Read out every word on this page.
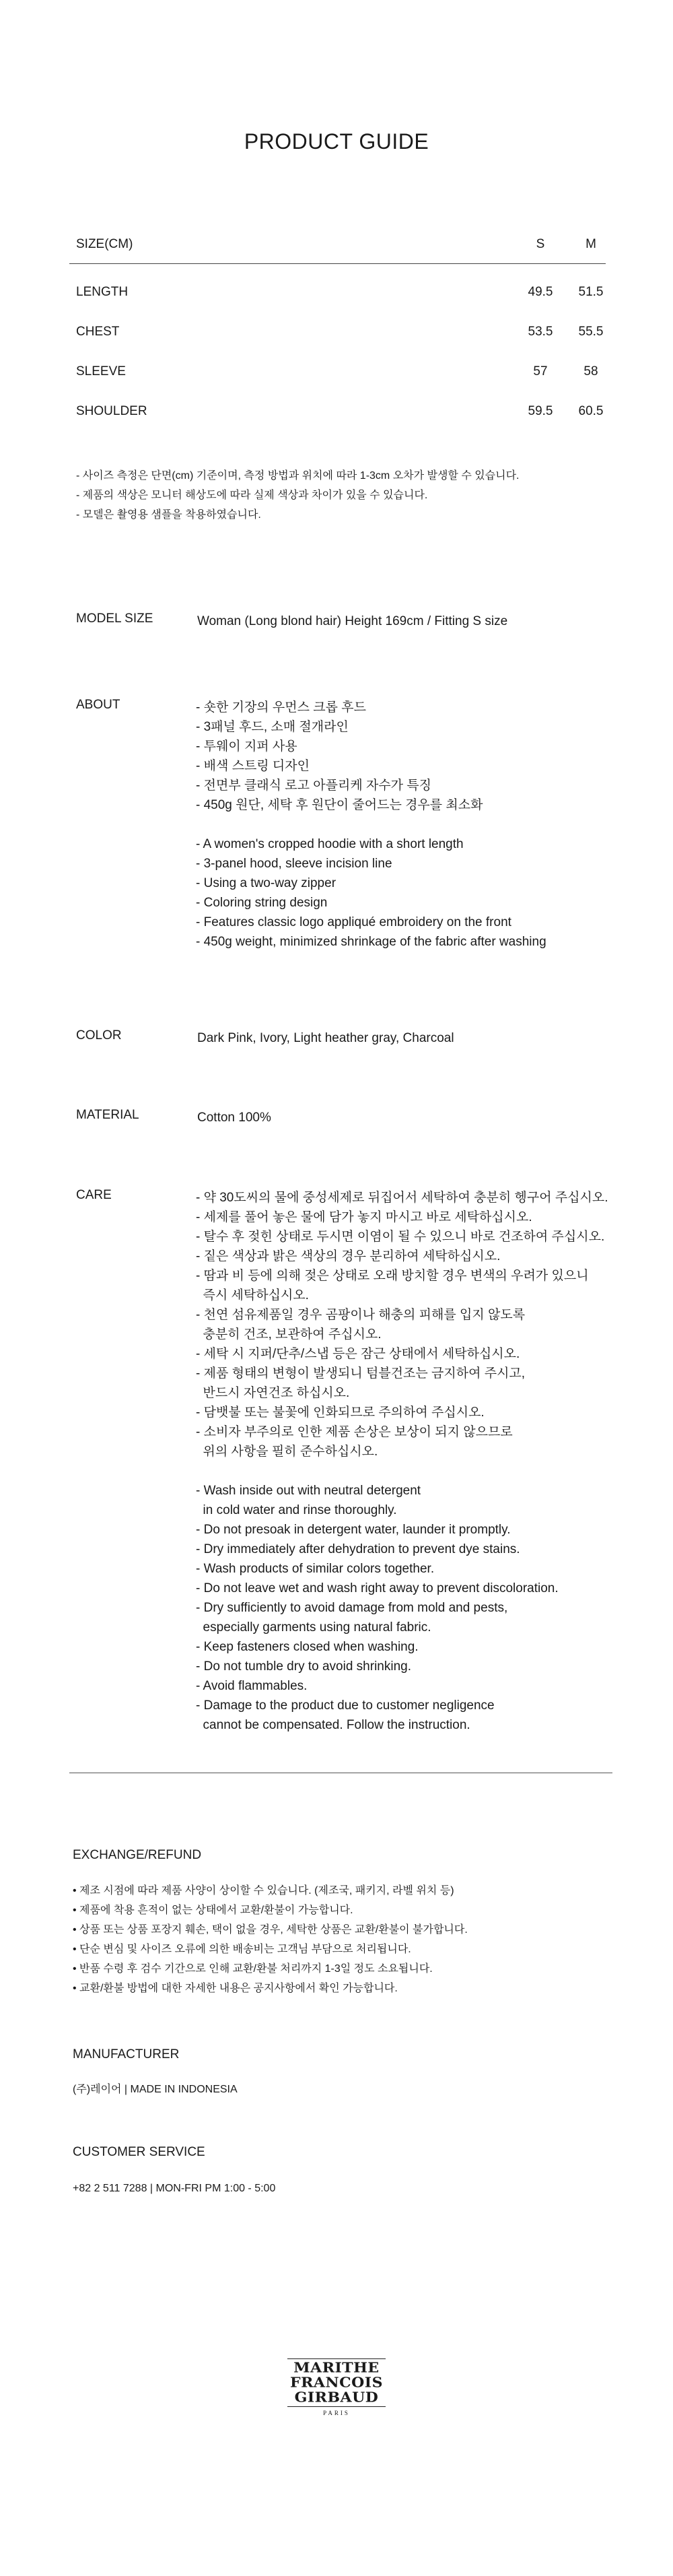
PRODUCT GUIDE
SIZE(CM)	S	M
LENGTH	49.5	51.5
CHEST	53.5	55.5
SLEEVE	57	58
SHOULDER	59.5	60.5
- 사이즈 측정은 단면(cm) 기준이며, 측정 방법과 위치에 따라 1-3cm 오차가 발생할 수 있습니다.
- 제품의 색상은 모니터 해상도에 따라 실제 색상과 차이가 있을 수 있습니다.
- 모델은 촬영용 샘플을 착용하였습니다.
MODEL SIZE	Woman (Long blond hair) Height 169cm / Fitting S size
ABOUT	- 숏한 기장의 우먼스 크롭 후드
- 3패널 후드, 소매 절개라인
- 투웨이 지퍼 사용
- 배색 스트링 디자인
- 전면부 클래식 로고 아플리케 자수가 특징
- 450g 원단, 세탁 후 원단이 줄어드는 경우를 최소화
- A women's cropped hoodie with a short length
- 3-panel hood, sleeve incision line
- Using a two-way zipper
- Coloring string design
- Features classic logo appliqué embroidery on the front
- 450g weight, minimized shrinkage of the fabric after washing
COLOR	Dark Pink, Ivory, Light heather gray, Charcoal
MATERIAL	Cotton 100%
CARE	- 약 30도씨의 물에 중성세제로 뒤집어서 세탁하여 충분히 헹구어 주십시오.
- 세제를 풀어 놓은 물에 담가 놓지 마시고 바로 세탁하십시오.
- 탈수 후 젖힌 상태로 두시면 이염이 될 수 있으니 바로 건조하여 주십시오.
- 짙은 색상과 밝은 색상의 경우 분리하여 세탁하십시오.
- 땀과 비 등에 의해 젖은 상태로 오래 방치할 경우 변색의 우려가 있으니
즉시 세탁하십시오.
- 천연 섬유제품일 경우 곰팡이나 해충의 피해를 입지 않도록
충분히 건조, 보관하여 주십시오.
- 세탁 시 지퍼/단추/스냅 등은 잠근 상태에서 세탁하십시오.
- 제품 형태의 변형이 발생되니 텀블건조는 금지하여 주시고,
반드시 자연건조 하십시오.
- 담뱃불 또는 불꽃에 인화되므로 주의하여 주십시오.
- 소비자 부주의로 인한 제품 손상은 보상이 되지 않으므로
위의 사항을 필히 준수하십시오.
- Wash inside out with neutral detergent
in cold water and rinse thoroughly.
- Do not presoak in detergent water, launder it promptly.
- Dry immediately after dehydration to prevent dye stains.
- Wash products of similar colors together.
- Do not leave wet and wash right away to prevent discoloration.
- Dry sufficiently to avoid damage from mold and pests,
especially garments using natural fabric.
- Keep fasteners closed when washing.
- Do not tumble dry to avoid shrinking.
- Avoid flammables.
- Damage to the product due to customer negligence
cannot be compensated. Follow the instruction.
EXCHANGE/REFUND
• 제조 시점에 따라 제품 사양이 상이할 수 있습니다. (제조국, 패키지, 라벨 위치 등)
• 제품에 착용 흔적이 없는 상태에서 교환/환불이 가능합니다.
• 상품 또는 상품 포장지 훼손, 택이 없을 경우, 세탁한 상품은 교환/환불이 불가합니다.
• 단순 변심 및 사이즈 오류에 의한 배송비는 고객님 부담으로 처리됩니다.
• 반품 수령 후 검수 기간으로 인해 교환/환불 처리까지 1-3일 정도 소요됩니다.
• 교환/환불 방법에 대한 자세한 내용은 공지사항에서 확인 가능합니다.
MANUFACTURER
(주)레이어 | MADE IN INDONESIA
CUSTOMER SERVICE
+82 2 511 7288 | MON-FRI PM 1:00 - 5:00
MARITHE
FRANCOIS
GIRBAUD
PARIS
